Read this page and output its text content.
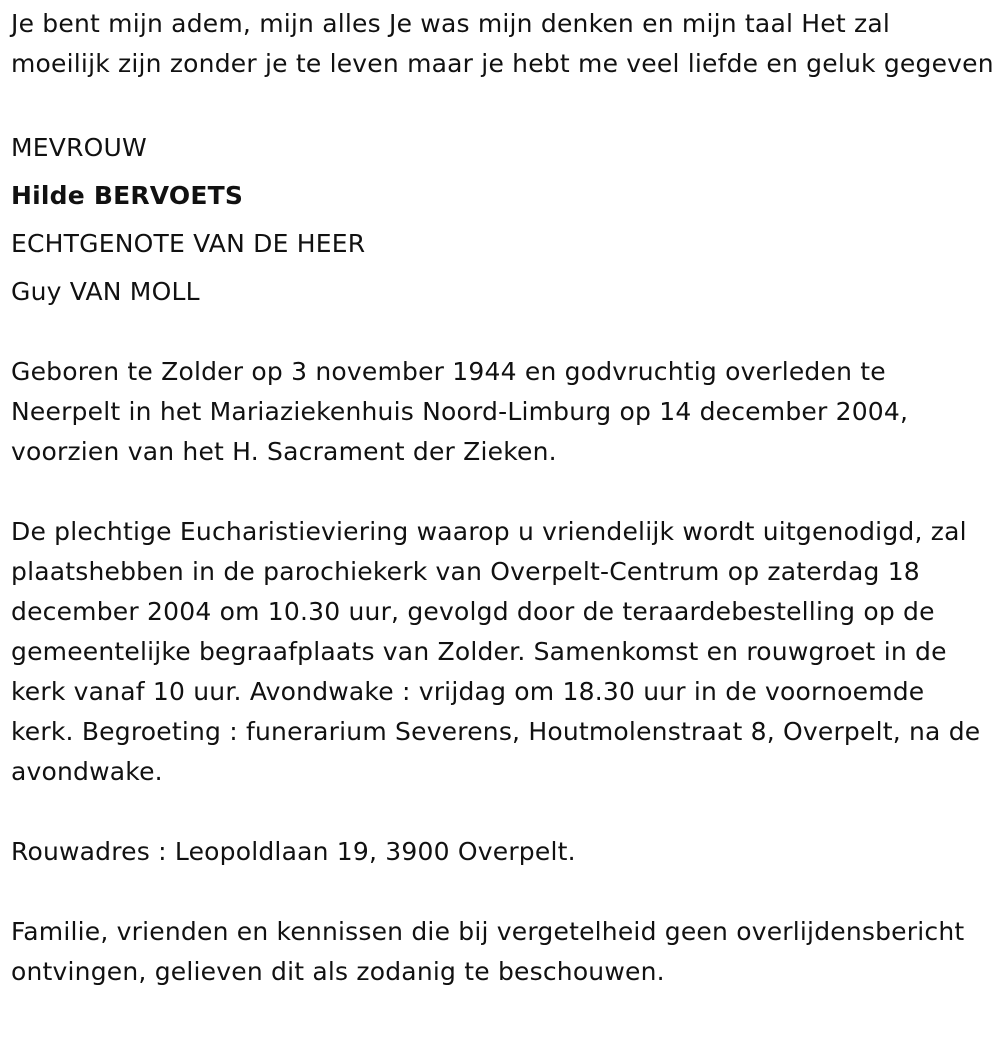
Je bent mijn adem, mijn alles Je was mijn denken en mijn taal Het zal moeilijk zijn zonder je te leven maar je hebt me veel liefde en geluk gegeven

MEVROUW

Hilde BERVOETS

ECHTGENOTE VAN DE HEER

Guy VAN MOLL

Geboren te Zolder op 3 november 1944 en godvruchtig overleden te Neerpelt in het Mariaziekenhuis Noord-Limburg op 14 december 2004, voorzien van het H. Sacrament der Zieken.

De plechtige Eucharistieviering waarop u vriendelijk wordt uitgenodigd, zal plaatshebben in de parochiekerk van Overpelt-Centrum op zaterdag 18 december 2004 om 10.30 uur, gevolgd door de teraardebestelling op de gemeentelijke begraafplaats van Zolder. Samenkomst en rouwgroet in de kerk vanaf 10 uur. Avondwake : vrijdag om 18.30 uur in de voornoemde kerk. Begroeting : funerarium Severens, Houtmolenstraat 8, Overpelt, na de avondwake.

Rouwadres : Leopoldlaan 19, 3900 Overpelt.

Familie, vrienden en kennissen die bij vergetelheid geen overlijdensbericht ontvingen, gelieven dit als zodanig te beschouwen.
